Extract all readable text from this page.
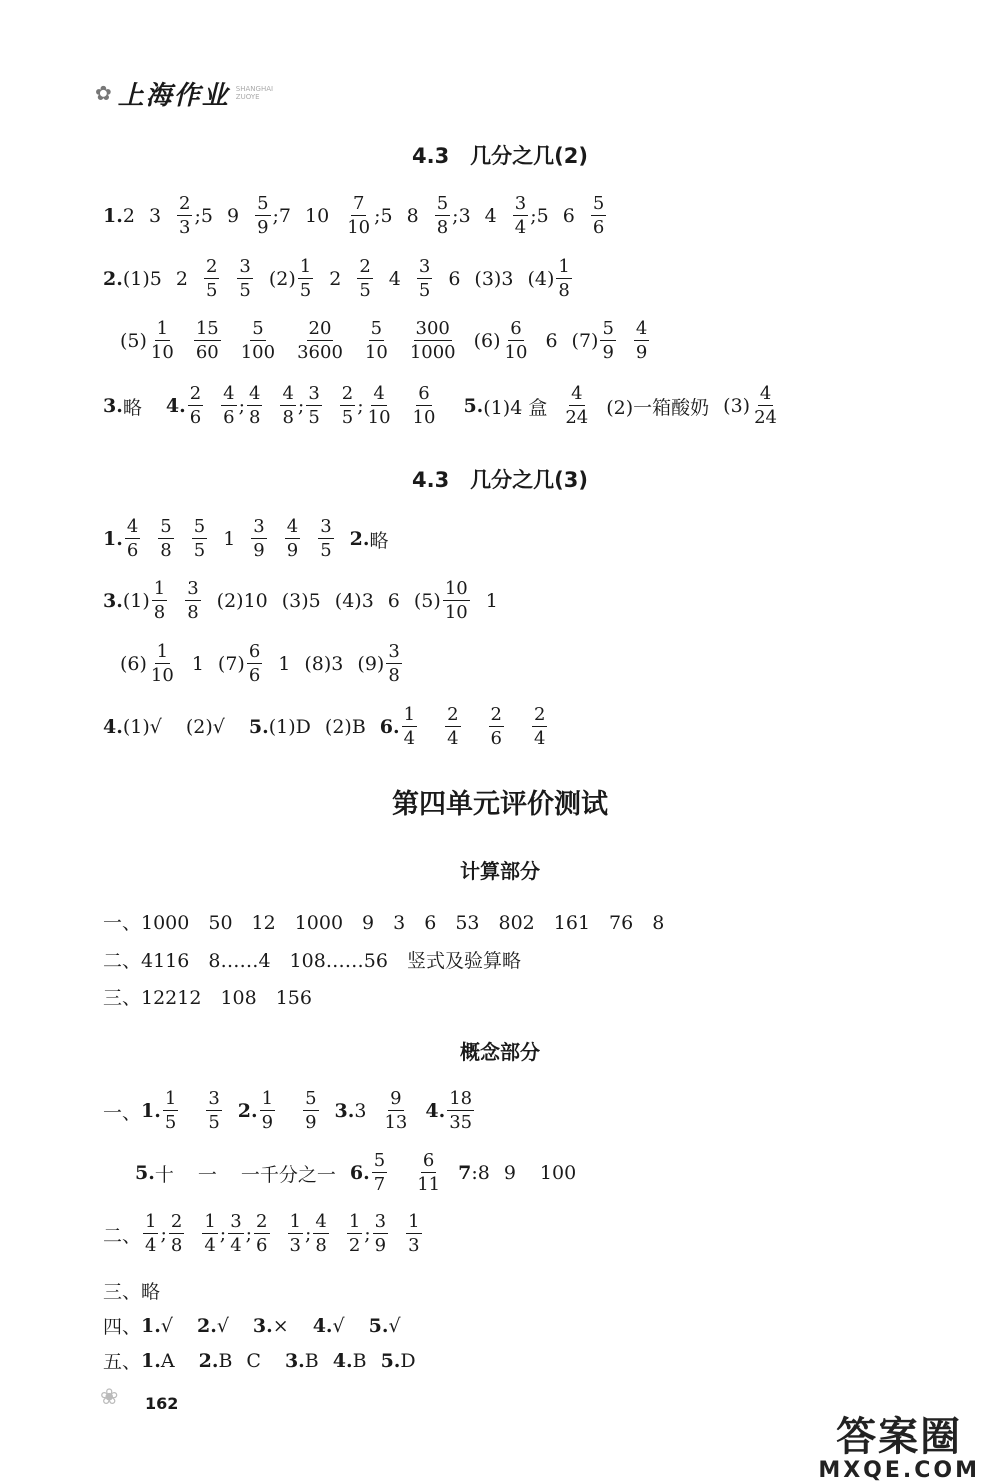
✿ 上海作业 SHANGHAI ZUOYE
4.3　几分之几(2)
1. 2 $3 \frac{2}{3}$ ;5 $9 \frac{5}{9}$ ;7 $10 \frac{7}{10}$ ;5 $8 \frac{5}{8}$ ;3 $4 \frac{3}{4}$ ;5 $6 \frac{5}{6}$
2. (1)5 $2 \frac{2}{5} \frac{3}{5} (2) \frac{1}{5} 2 \frac{2}{5} 4 \frac{3}{5} 6$ (3)3 $(4) \frac{1}{8}$
$(5) \frac{1}{10} \frac{15}{60} \frac{5}{100} \frac{20}{3600} \frac{5}{10} \frac{300}{1000} (6) \frac{6}{10} 6$ $(7) \frac{5}{9} \frac{4}{9}$
3. 略 4. $\frac{2}{6} \frac{4}{6}$ ; $\frac{4}{8} \frac{4}{8}$ ; $\frac{3}{5} \frac{2}{5}$ ; $\frac{4}{10} \frac{6}{10} 5$. (1)4 盒 $\frac{4}{24} (2)$一箱酸奶 $(3) \frac{4}{24}$
4.3　几分之几(3)
1. $\frac{4}{6} \frac{5}{8} \frac{5}{5} 1 \frac{3}{9} \frac{4}{9} \frac{3}{5} 2$. 略
3. $(1) \frac{1}{8} \frac{3}{8} (2)10$ (3)5 (4)3 6 $(5) \frac{10}{10} 1$
$(6) \frac{1}{10} 1$ $(7) \frac{6}{6} 1$ (8)3 $(9) \frac{3}{8}$
4. (1)√ (2)√ 5. (1)D (2)B 6. $\frac{1}{4} \frac{2}{4} \frac{2}{6} \frac{2}{4}$
第四单元评价测试
计算部分
一、1000　50　12　1000　9　3　6　53　802　161　76　8
二、4116　8……4　108……56　竖式及验算略
三、12212　108　156
概念部分
一、 1. $\frac{1}{5} \frac{3}{5} 2$. $\frac{1}{9} \frac{5}{9} 3$. $3 \frac{9}{13} 4$. $\frac{18}{35}$
5. 十 一 一千分之一 6. $\frac{5}{7} \frac{6}{11} 7$ :8 9 100
二、 $\frac{1}{4}$ ; $\frac{2}{8} \frac{1}{4}$ ; $\frac{3}{4}$ ; $\frac{2}{6} \frac{1}{3}$ ; $\frac{4}{8} \frac{1}{2}$ ; $\frac{3}{9} \frac{1}{3}$
三、略
四、 1. √ 2. √ 3. × 4. √ 5. √
五、 1. A 2. B C 3. B 4. B 5. D
❀ 162
答案圈
MXQE.COM
